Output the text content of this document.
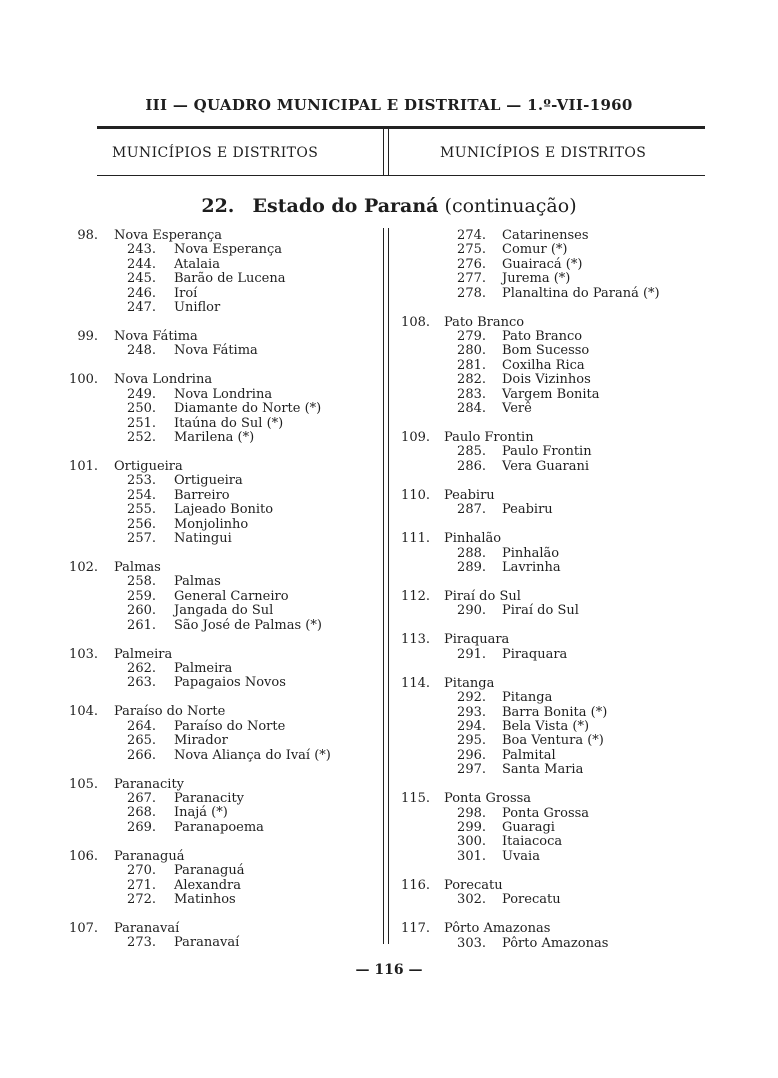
III — QUADRO MUNICIPAL E DISTRITAL — 1.º-VII-1960
MUNICÍPIOS E DISTRITOS	MUNICÍPIOS E DISTRITOS
22. Estado do Paraná (continuação)
98. Nova Esperança
243. Nova Esperança
244. Atalaia
245. Barão de Lucena
246. Iroí
247. Uniflor
99. Nova Fátima
248. Nova Fátima
100. Nova Londrina
249. Nova Londrina
250. Diamante do Norte (*)
251. Itaúna do Sul (*)
252. Marilena (*)
101. Ortigueira
253. Ortigueira
254. Barreiro
255. Lajeado Bonito
256. Monjolinho
257. Natingui
102. Palmas
258. Palmas
259. General Carneiro
260. Jangada do Sul
261. São José de Palmas (*)
103. Palmeira
262. Palmeira
263. Papagaios Novos
104. Paraíso do Norte
264. Paraíso do Norte
265. Mirador
266. Nova Aliança do Ivaí (*)
105. Paranacity
267. Paranacity
268. Inajá (*)
269. Paranapoema
106. Paranaguá
270. Paranaguá
271. Alexandra
272. Matinhos
107. Paranavaí
273. Paranavaí
274. Catarinenses
275. Comur (*)
276. Guairacá (*)
277. Jurema (*)
278. Planaltina do Paraná (*)
108. Pato Branco
279. Pato Branco
280. Bom Sucesso
281. Coxilha Rica
282. Dois Vizinhos
283. Vargem Bonita
284. Verê
109. Paulo Frontin
285. Paulo Frontin
286. Vera Guarani
110. Peabiru
287. Peabiru
111. Pinhalão
288. Pinhalão
289. Lavrinha
112. Piraí do Sul
290. Piraí do Sul
113. Piraquara
291. Piraquara
114. Pitanga
292. Pitanga
293. Barra Bonita (*)
294. Bela Vista (*)
295. Boa Ventura (*)
296. Palmital
297. Santa Maria
115. Ponta Grossa
298. Ponta Grossa
299. Guaragi
300. Itaiacoca
301. Uvaia
116. Porecatu
302. Porecatu
117. Pôrto Amazonas
303. Pôrto Amazonas
— 116 —
